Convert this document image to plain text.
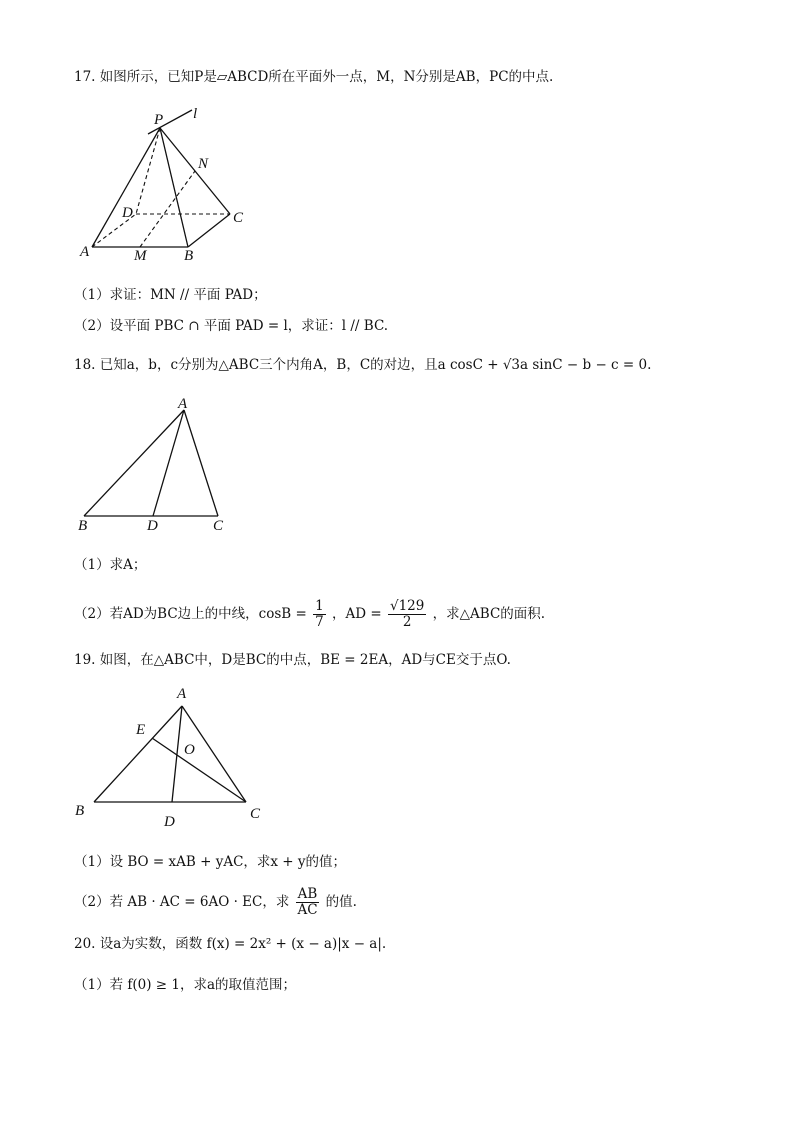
17. 如图所示，已知P是▱ABCD所在平面外一点，M，N分别是AB，PC的中点.
P l
N
D	C
A	M	B
（1）求证：MN // 平面 PAD；
（2）设平面 PBC ∩ 平面 PAD = l，求证：l // BC.
18. 已知a，b，c分别为△ABC三个内角A，B，C的对边，且a cosC + √3a sinC − b − c = 0.
A
B	D	C
（1）求A；
（2）若AD为BC边上的中线，$\cos B = \frac{1}{7}$ ，AD = $\frac{√129}{2}$ ，求△ABC的面积.
19. 如图，在△ABC中，D是BC的中点，BE = 2EA，AD与CE交于点O.
A
E
O
B
D	C
（1）设 BO = xAB + yAC，求x + y的值；
（2）若 AB · AC = 6AO · EC，求 $\frac{AB}{AC}$ 的值.
20. 设a为实数，函数 f(x) = 2x² + (x − a)|x − a|.
（1）若 f(0) ≥ 1，求a的取值范围；
